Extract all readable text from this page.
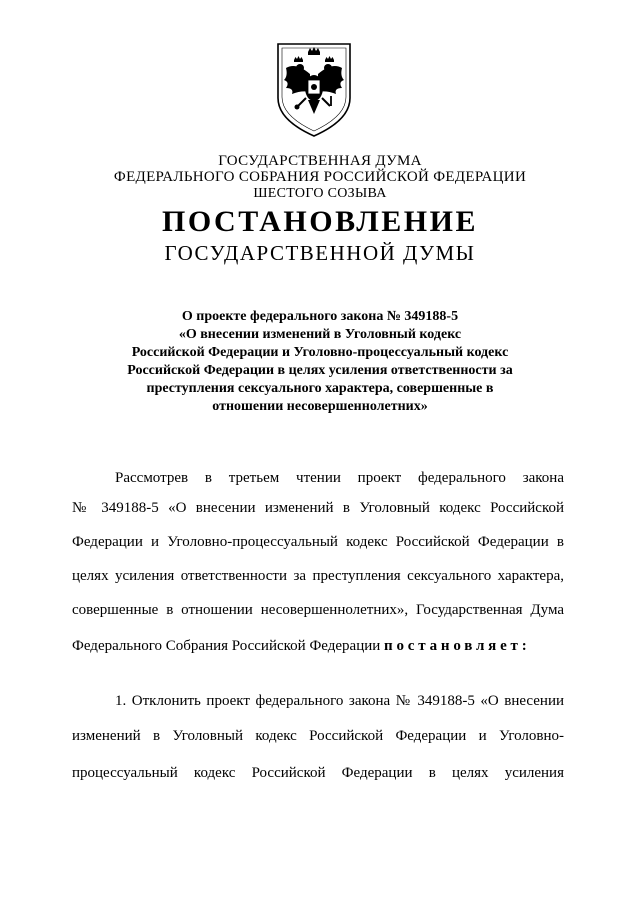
ГОСУДАРСТВЕННАЯ ДУМА
ФЕДЕРАЛЬНОГО СОБРАНИЯ РОССИЙСКОЙ ФЕДЕРАЦИИ
ШЕСТОГО СОЗЫВА
ПОСТАНОВЛЕНИЕ
ГОСУДАРСТВЕННОЙ ДУМЫ
О проекте федерального закона № 349188-5
«О внесении изменений в Уголовный кодекс
Российской Федерации и Уголовно-процессуальный кодекс
Российской Федерации в целях усиления ответственности за
преступления сексуального характера, совершенные в
отношении несовершеннолетних»
Рассмотрев в третьем чтении проект федерального закона
№ 349188-5 «О внесении изменений в Уголовный кодекс Российской
Федерации и Уголовно-процессуальный кодекс Российской Федерации в
целях усиления ответственности за преступления сексуального характера,
совершенные в отношении несовершеннолетних», Государственная Дума
Федерального Собрания Российской Федерации постановляет:
1. Отклонить проект федерального закона № 349188-5 «О внесении
изменений в Уголовный кодекс Российской Федерации и Уголовно-
процессуальный кодекс Российской Федерации в целях усиления
